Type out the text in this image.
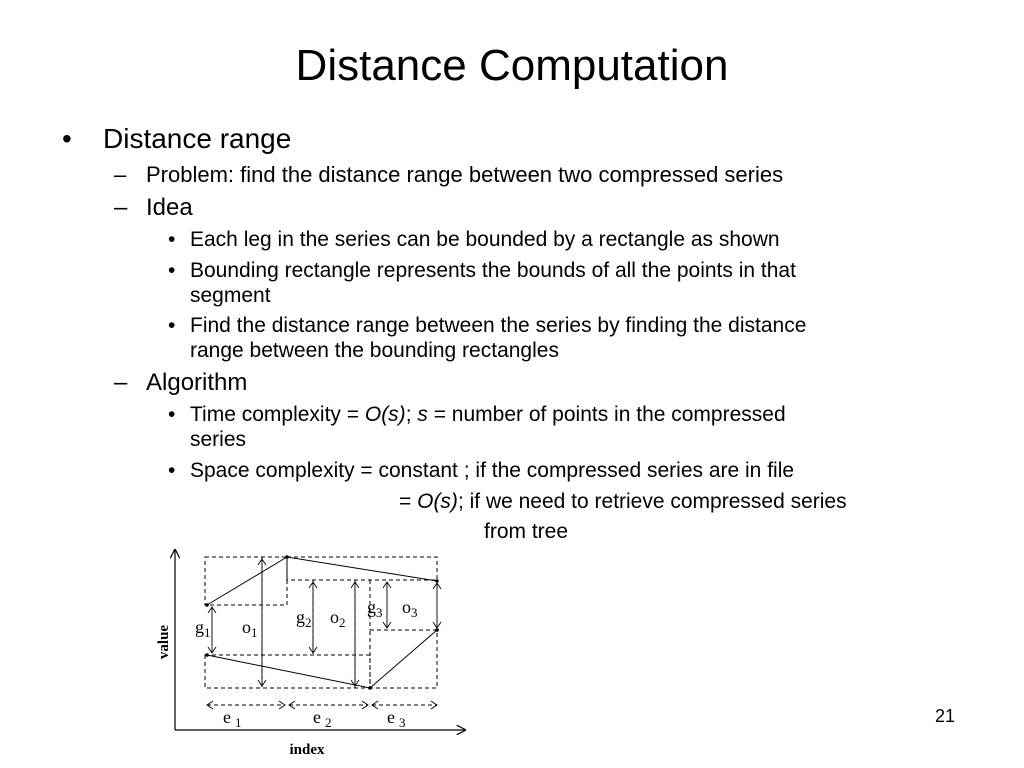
Distance Computation
• Distance range
– Problem: find the distance range between two compressed series
– Idea
• Each leg in the series can be bounded by a rectangle as shown
• Bounding rectangle represents the bounds of all the points in that
segment
• Find the distance range between the series by finding the distance
range between the bounding rectangles
– Algorithm
• Time complexity = O(s); s = number of points in the compressed
series
• Space complexity = constant ; if the compressed series are in file
= O(s); if we need to retrieve compressed series
from tree
value
index
$g_1$ $o_1$
$g_2$ $o_2$
$g_3$ $o_3$
e $_1$	e $_2$	e $_3$	21
